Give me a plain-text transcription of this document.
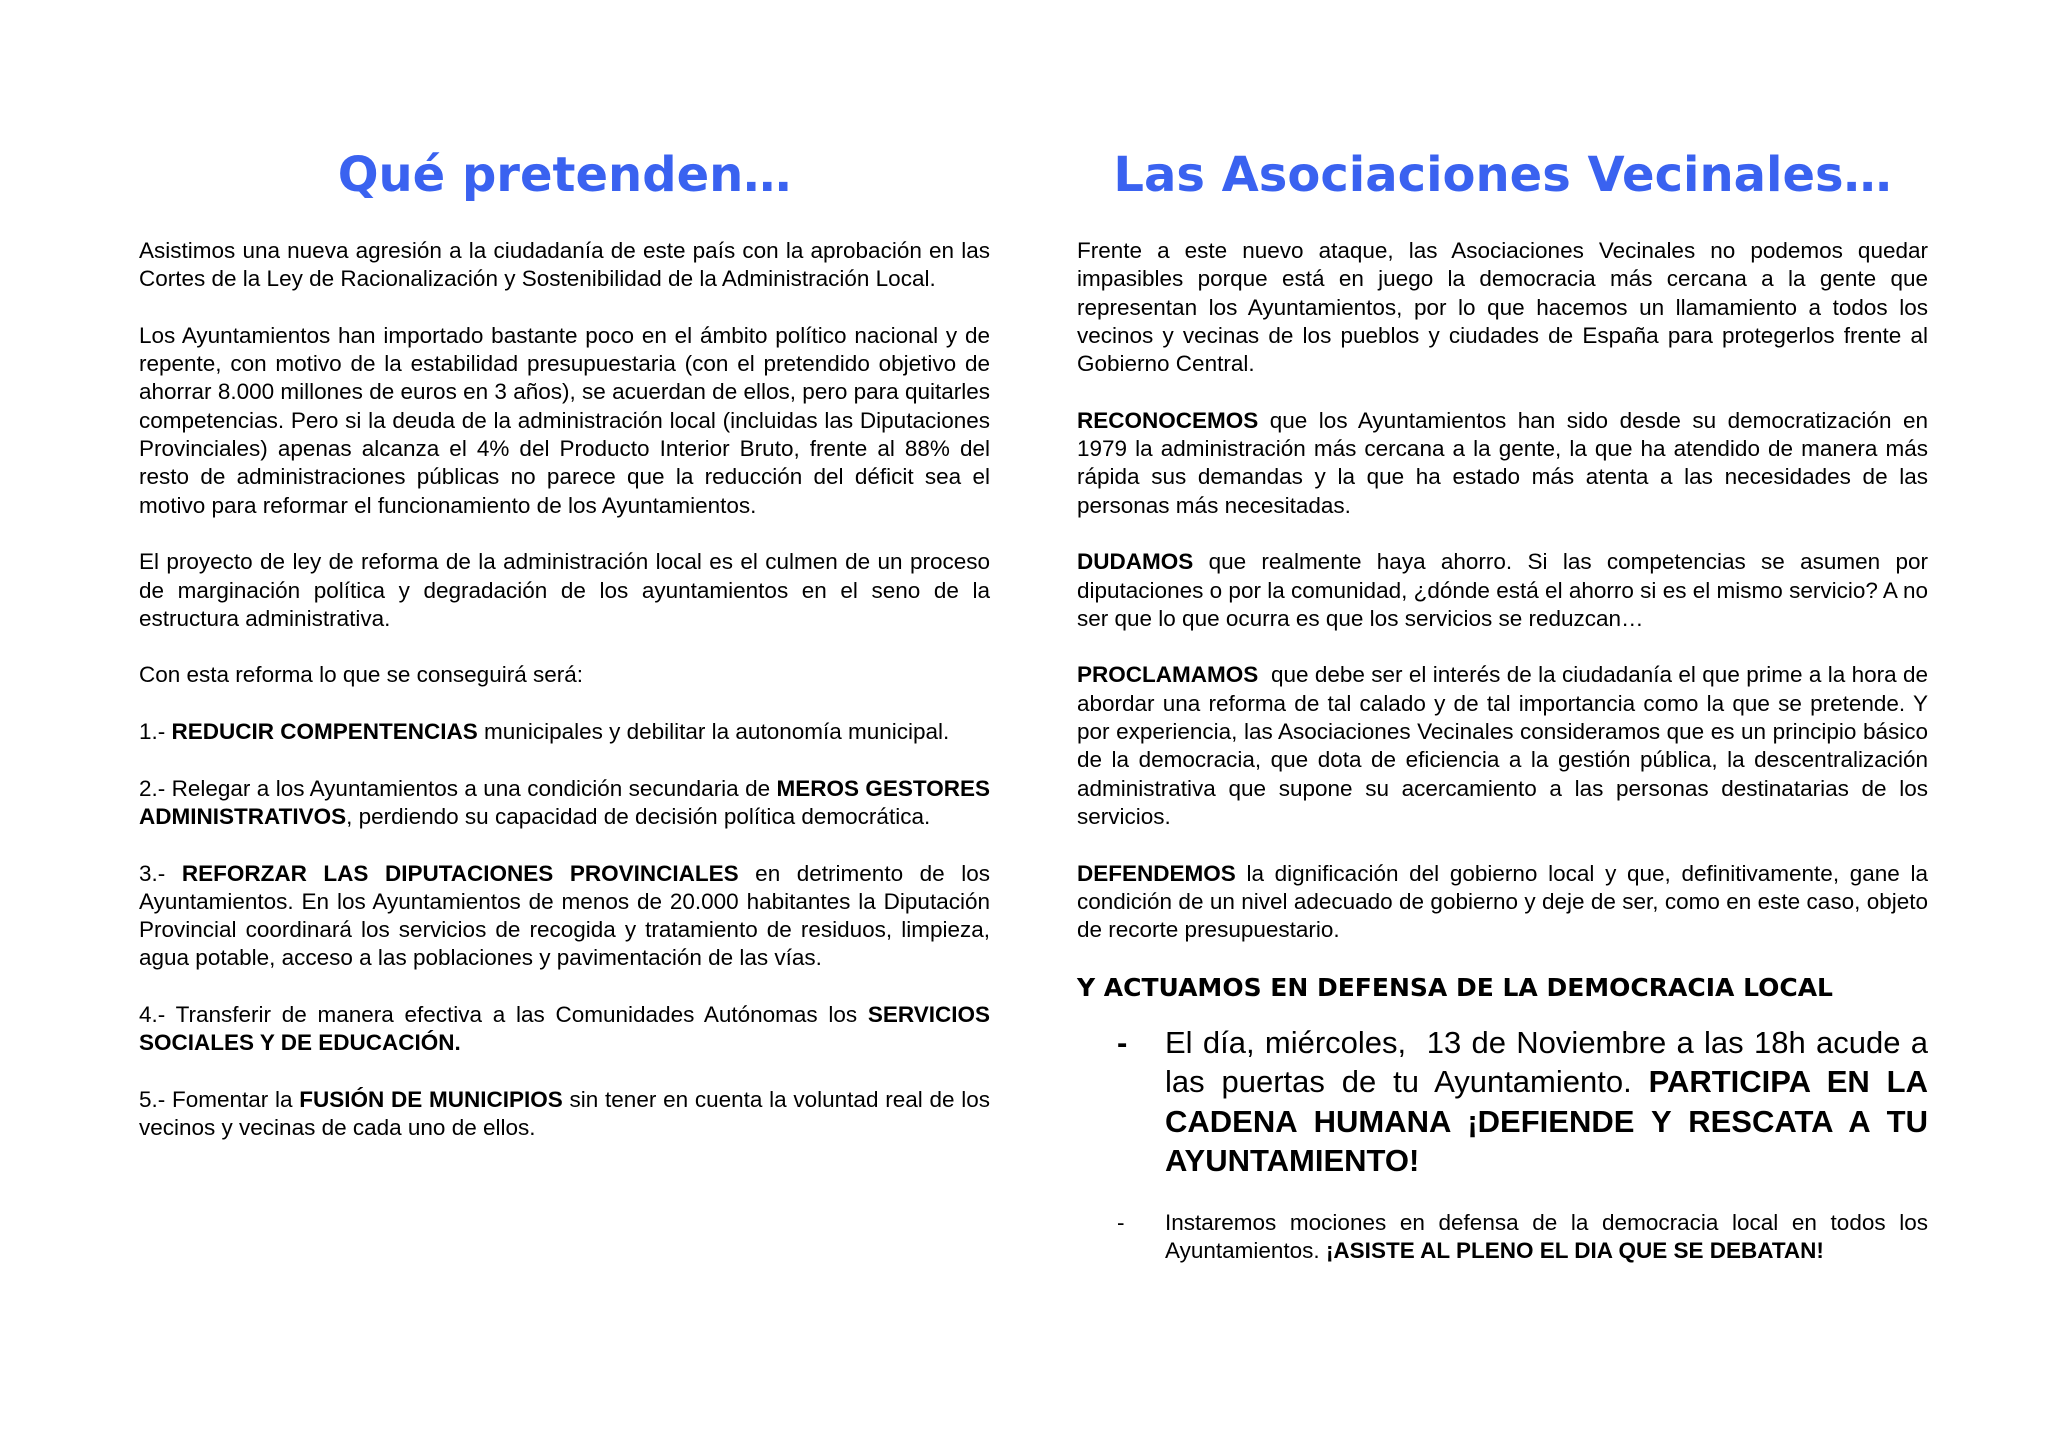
Qué pretenden…

Asistimos una nueva agresión a la ciudadanía de este país con la aprobación en las Cortes de la Ley de Racionalización y Sostenibilidad de la Administración Local.

Los Ayuntamientos han importado bastante poco en el ámbito político nacional y de repente, con motivo de la estabilidad presupuestaria (con el pretendido objetivo de ahorrar 8.000 millones de euros en 3 años), se acuerdan de ellos, pero para quitarles competencias. Pero si la deuda de la administración local (incluidas las Diputaciones Provinciales) apenas alcanza el 4% del Producto Interior Bruto, frente al 88% del resto de administraciones públicas no parece que la reducción del déficit sea el motivo para reformar el funcionamiento de los Ayuntamientos.

El proyecto de ley de reforma de la administración local es el culmen de un proceso de marginación política y degradación de los ayuntamientos en el seno de la estructura administrativa.

Con esta reforma lo que se conseguirá será:

1.- REDUCIR COMPENTENCIAS municipales y debilitar la autonomía municipal.

2.- Relegar a los Ayuntamientos a una condición secundaria de MEROS GESTORES ADMINISTRATIVOS, perdiendo su capacidad de decisión política democrática.

3.- REFORZAR LAS DIPUTACIONES PROVINCIALES en detrimento de los Ayuntamientos. En los Ayuntamientos de menos de 20.000 habitantes la Diputación Provincial coordinará los servicios de recogida y tratamiento de residuos, limpieza, agua potable, acceso a las poblaciones y pavimentación de las vías.

4.- Transferir de manera efectiva a las Comunidades Autónomas los SERVICIOS SOCIALES Y DE EDUCACIÓN.

5.- Fomentar la FUSIÓN DE MUNICIPIOS sin tener en cuenta la voluntad real de los vecinos y vecinas de cada uno de ellos.

Las Asociaciones Vecinales…

Frente a este nuevo ataque, las Asociaciones Vecinales no podemos quedar impasibles porque está en juego la democracia más cercana a la gente que representan los Ayuntamientos, por lo que hacemos un llamamiento a todos los vecinos y vecinas de los pueblos y ciudades de España para protegerlos frente al Gobierno Central.

RECONOCEMOS que los Ayuntamientos han sido desde su democratización en 1979 la administración más cercana a la gente, la que ha atendido de manera más rápida sus demandas y la que ha estado más atenta a las necesidades de las personas más necesitadas.

DUDAMOS que realmente haya ahorro. Si las competencias se asumen por diputaciones o por la comunidad, ¿dónde está el ahorro si es el mismo servicio? A no ser que lo que ocurra es que los servicios se reduzcan…

PROCLAMAMOS  que debe ser el interés de la ciudadanía el que prime a la hora de abordar una reforma de tal calado y de tal importancia como la que se pretende. Y por experiencia, las Asociaciones Vecinales consideramos que es un principio básico de la democracia, que dota de eficiencia a la gestión pública, la descentralización administrativa que supone su acercamiento a las personas destinatarias de los servicios.

DEFENDEMOS la dignificación del gobierno local y que, definitivamente, gane la condición de un nivel adecuado de gobierno y deje de ser, como en este caso, objeto de recorte presupuestario.

Y ACTUAMOS EN DEFENSA DE LA DEMOCRACIA LOCAL
-	El día, miércoles,  13 de Noviembre a las 18h acude a las puertas de tu Ayuntamiento. PARTICIPA EN LA CADENA HUMANA ¡DEFIENDE Y RESCATA A TU AYUNTAMIENTO!
-	Instaremos mociones en defensa de la democracia local en todos los Ayuntamientos. ¡ASISTE AL PLENO EL DIA QUE SE DEBATAN!
